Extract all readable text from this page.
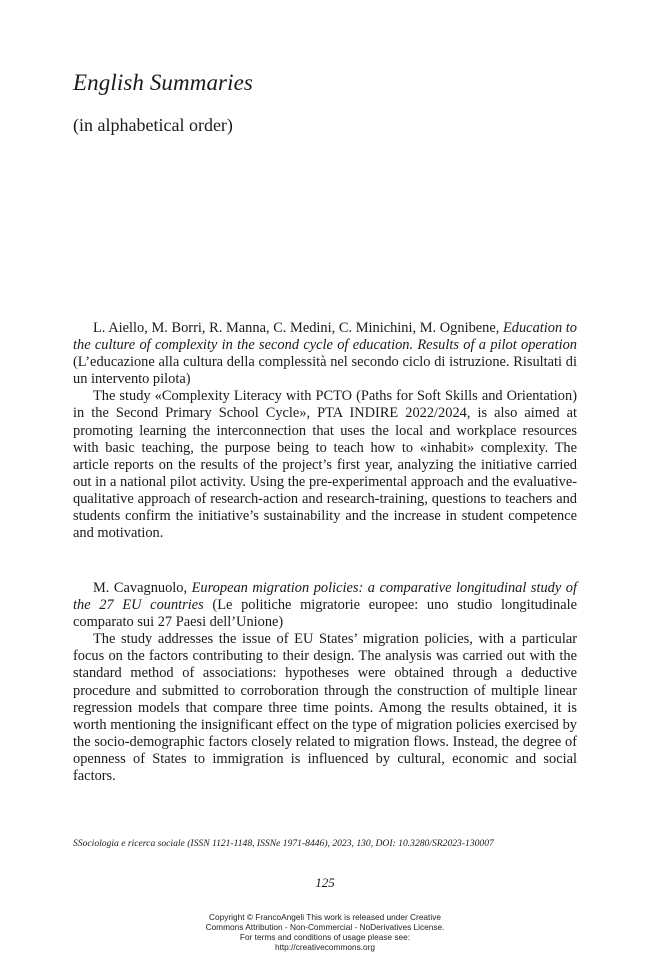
English Summaries
(in alphabetical order)

L. Aiello, M. Borri, R. Manna, C. Medini, C. Minichini, M. Ognibene, Education to the culture of complexity in the second cycle of education. Results of a pilot operation (L’educazione alla cultura della complessità nel secondo ciclo di istruzione. Risultati di un intervento pilota)

The study «Complexity Literacy with PCTO (Paths for Soft Skills and Orientation) in the Second Primary School Cycle», PTA INDIRE 2022/2024, is also aimed at promoting learning the interconnection that uses the local and workplace resources with basic teaching, the purpose being to teach how to «inhabit» complexity. The article reports on the results of the project’s first year, analyzing the initiative carried out in a national pilot activity. Using the pre-experimental approach and the evaluative-qualitative approach of research-action and research-training, questions to teachers and students confirm the initiative’s sustainability and the increase in student competence and motivation.

M. Cavagnuolo, European migration policies: a comparative longitudinal study of the 27 EU countries (Le politiche migratorie europee: uno studio longitudinale comparato sui 27 Paesi dell’Unione)

The study addresses the issue of EU States’ migration policies, with a particular focus on the factors contributing to their design. The analysis was carried out with the standard method of associations: hypotheses were obtained through a deductive procedure and submitted to corroboration through the construction of multiple linear regression models that compare three time points. Among the results obtained, it is worth mentioning the insignificant effect on the type of migration policies exercised by the socio-demographic factors closely related to migration flows. Instead, the degree of openness of States to immigration is influenced by cultural, economic and social factors.

SSociologia e ricerca sociale (ISSN 1121-1148, ISSNe 1971-8446), 2023, 130, DOI: 10.3280/SR2023-130007
125
Copyright © FrancoAngeli This work is released under Creative
Commons Attribution - Non-Commercial - NoDerivatives License.
For terms and conditions of usage please see:
http://creativecommons.org
